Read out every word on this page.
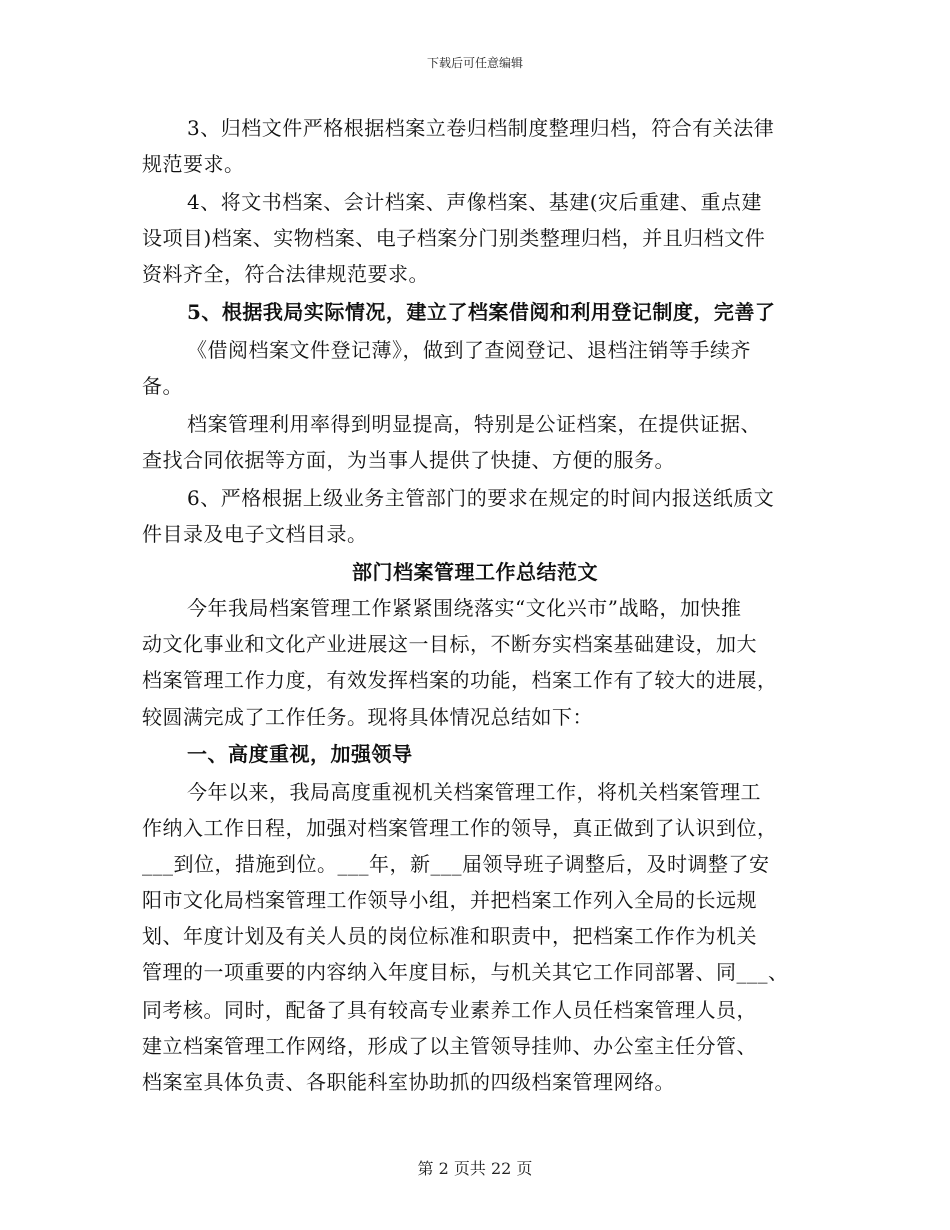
下载后可任意编辑
3、归档文件严格根据档案立卷归档制度整理归档，符合有关法律
规范要求。
4、将文书档案、会计档案、声像档案、基建(灾后重建、重点建
设项目)档案、实物档案、电子档案分门别类整理归档，并且归档文件
资料齐全，符合法律规范要求。
5、根据我局实际情况，建立了档案借阅和利用登记制度，完善了
《借阅档案文件登记薄》，做到了查阅登记、退档注销等手续齐
备。
档案管理利用率得到明显提高，特别是公证档案，在提供证据、
查找合同依据等方面，为当事人提供了快捷、方便的服务。
6、严格根据上级业务主管部门的要求在规定的时间内报送纸质文
件目录及电子文档目录。
部门档案管理工作总结范文
今年我局档案管理工作紧紧围绕落实“文化兴市”战略，加快推
动文化事业和文化产业进展这一目标，不断夯实档案基础建设，加大
档案管理工作力度，有效发挥档案的功能，档案工作有了较大的进展，
较圆满完成了工作任务。现将具体情况总结如下：
一、高度重视，加强领导
今年以来，我局高度重视机关档案管理工作，将机关档案管理工
作纳入工作日程，加强对档案管理工作的领导，真正做到了认识到位，
___到位，措施到位。___年，新___届领导班子调整后，及时调整了安
阳市文化局档案管理工作领导小组，并把档案工作列入全局的长远规
划、年度计划及有关人员的岗位标准和职责中，把档案工作作为机关
管理的一项重要的内容纳入年度目标，与机关其它工作同部署、同___、
同考核。同时，配备了具有较高专业素养工作人员任档案管理人员，
建立档案管理工作网络，形成了以主管领导挂帅、办公室主任分管、
档案室具体负责、各职能科室协助抓的四级档案管理网络。
第 2 页共 22 页
